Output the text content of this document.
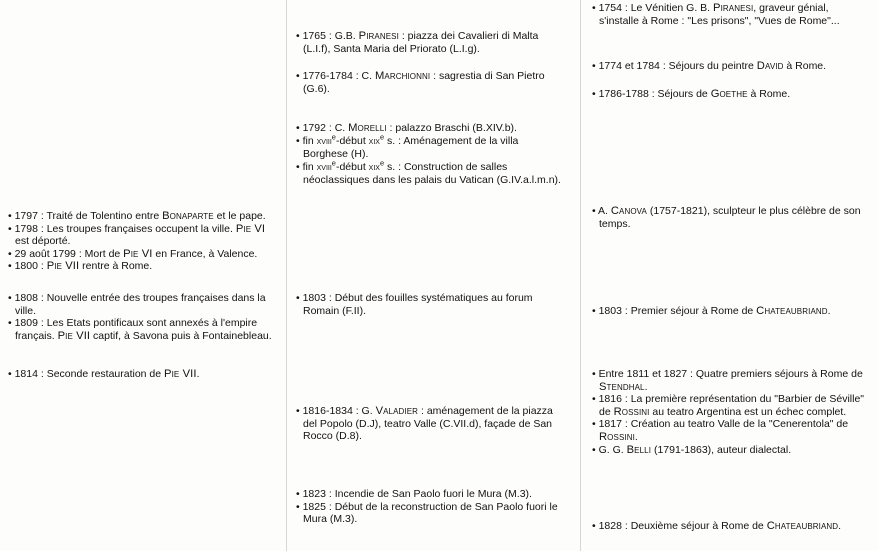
• 1797 : Traité de Tolentino entre Bonaparte et le pape.

• 1798 : Les troupes françaises occupent la ville. Pie VI est déporté.

• 29 août 1799 : Mort de Pie VI en France, à Valence.

• 1800 : Pie VII rentre à Rome.

• 1808 : Nouvelle entrée des troupes françaises dans la ville.

• 1809 : Les Etats pontificaux sont annexés à l'empire français. Pie VII captif, à Savona puis à Fontainebleau.

• 1814 : Seconde restauration de Pie VII.

• 1765 : G.B. Piranesi : piazza dei Cavalieri di Malta (L.I.f), Santa Maria del Priorato (L.I.g).

• 1776-1784 : C. Marchionni : sagrestia di San Pietro (G.6).

• 1792 : C. Morelli : palazzo Braschi (B.XIV.b).

• fin xviii$^e$-début xix$^e$ s. : Aménagement de la villa Borghese (H).

• fin xviii$^e$-début xix$^e$ s. : Construction de salles néoclassiques dans les palais du Vatican (G.IV.a.l.m.n).

• 1803 : Début des fouilles systématiques au forum Romain (F.II).

• 1816-1834 : G. Valadier : aménagement de la piazza del Popolo (D.J), teatro Valle (C.VII.d), façade de San Rocco (D.8).

• 1823 : Incendie de San Paolo fuori le Mura (M.3).

• 1825 : Début de la reconstruction de San Paolo fuori le Mura (M.3).

• 1754 : Le Vénitien G. B. Piranesi, graveur génial, s'installe à Rome : "Les prisons", "Vues de Rome"...

• 1774 et 1784 : Séjours du peintre David à Rome.

• 1786-1788 : Séjours de Goethe à Rome.

• A. Canova (1757-1821), sculpteur le plus célèbre de son temps.

• 1803 : Premier séjour à Rome de Chateaubriand.

• Entre 1811 et 1827 : Quatre premiers séjours à Rome de Stendhal.

• 1816 : La première représentation du "Barbier de Séville" de Rossini au teatro Argentina est un échec complet.

• 1817 : Création au teatro Valle de la "Cenerentola" de Rossini.

• G. G. Belli (1791-1863), auteur dialectal.

• 1828 : Deuxième séjour à Rome de Chateaubriand.
